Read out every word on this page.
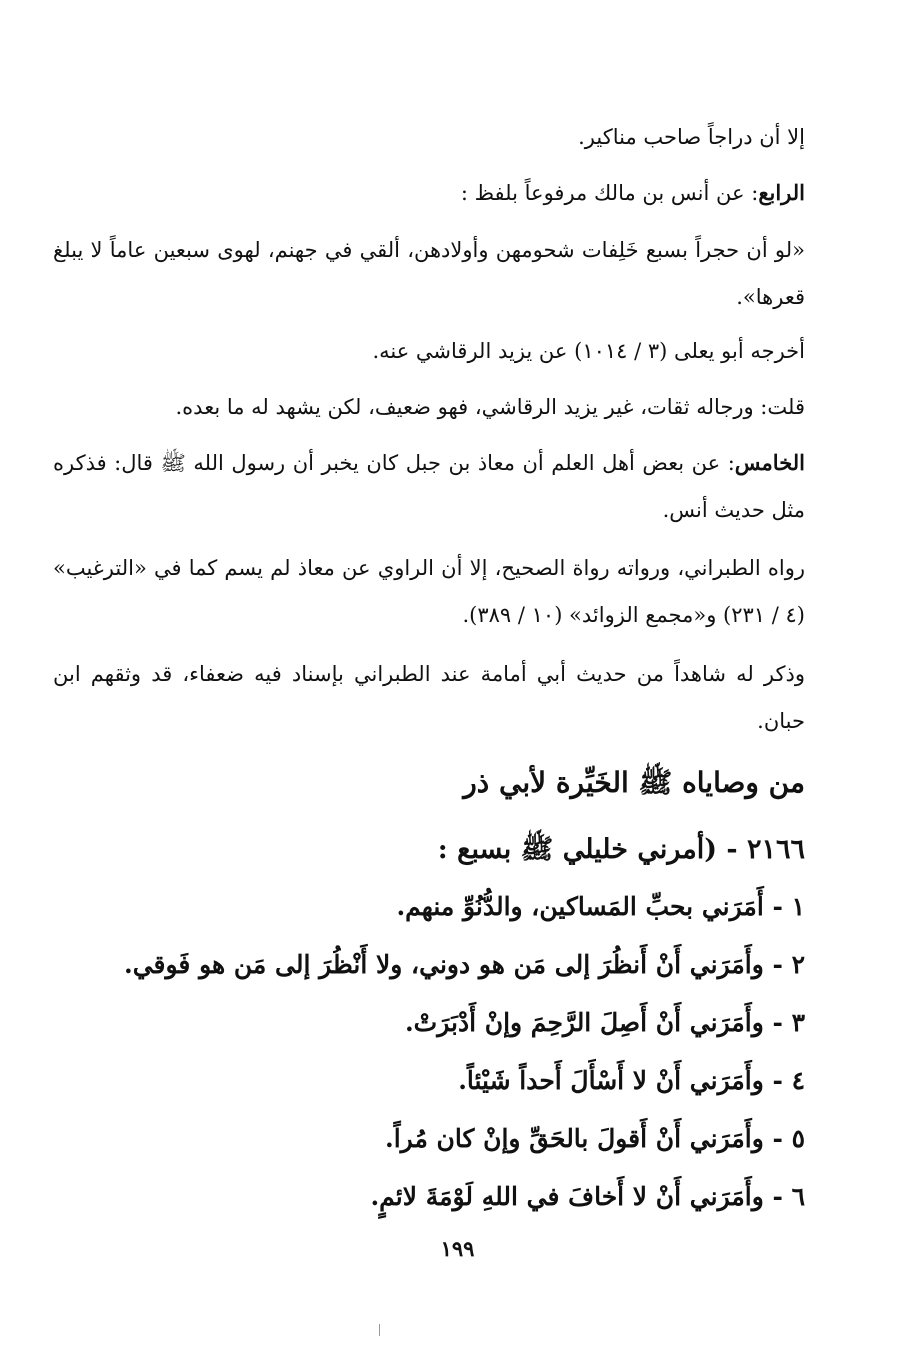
إلا أن دراجاً صاحب مناكير.

الرابع: عن أنس بن مالك مرفوعاً بلفظ :

«لو أن حجراً بسبع خَلِفات شحومهن وأولادهن، ألقي في جهنم، لهوى سبعين عاماً لا يبلغ قعرها».

أخرجه أبو يعلى (٣ / ١٠١٤) عن يزيد الرقاشي عنه.

قلت: ورجاله ثقات، غير يزيد الرقاشي، فهو ضعيف، لكن يشهد له ما بعده.

الخامس: عن بعض أهل العلم أن معاذ بن جبل كان يخبر أن رسول الله ﷺ قال: فذكره مثل حديث أنس.

رواه الطبراني، ورواته رواة الصحيح، إلا أن الراوي عن معاذ لم يسم كما في «الترغيب» (٤ / ٢٣١) و«مجمع الزوائد» (١٠ / ٣٨٩).

وذكر له شاهداً من حديث أبي أمامة عند الطبراني بإسناد فيه ضعفاء، قد وثقهم ابن حبان.

من وصاياه ﷺ الخَيِّرة لأبي ذر
٢١٦٦ - (أمرني خليلي ﷺ بسبع :
١ - أَمَرَني بحبِّ المَساكين، والدُّنُوِّ منهم.
٢ - وأَمَرَني أَنْ أَنظُرَ إلى مَن هو دوني، ولا أَنْظُرَ إلى مَن هو فَوقي.
٣ - وأَمَرَني أَنْ أَصِلَ الرَّحِمَ وإنْ أَدْبَرَتْ.
٤ - وأَمَرَني أَنْ لا أَسْأَلَ أَحداً شَيْئاً.
٥ - وأَمَرَني أَنْ أَقولَ بالحَقِّ وإنْ كان مُراً.
٦ - وأَمَرَني أَنْ لا أَخافَ في اللهِ لَوْمَةَ لائمٍ.
١٩٩
